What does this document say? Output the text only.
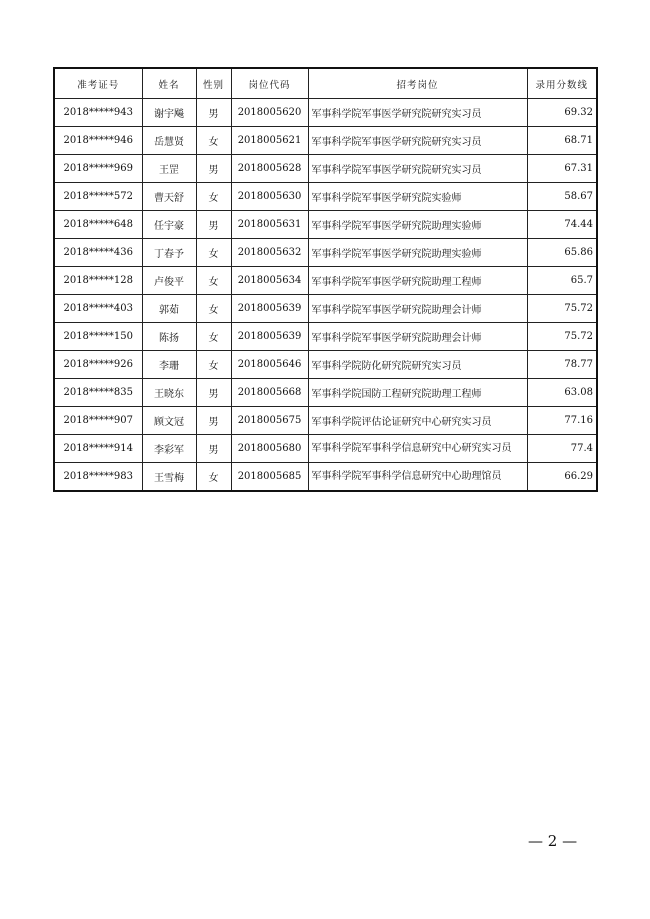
准考证号	姓名	性别	岗位代码	招考岗位	录用分数线
2018*****943	谢宇飚	男	2018005620	军事科学院军事医学研究院研究实习员	69.32
2018*****946	岳慧贤	女	2018005621	军事科学院军事医学研究院研究实习员	68.71
2018*****969	王罡	男	2018005628	军事科学院军事医学研究院研究实习员	67.31
2018*****572	曹天舒	女	2018005630	军事科学院军事医学研究院实验师	58.67
2018*****648	任宇豪	男	2018005631	军事科学院军事医学研究院助理实验师	74.44
2018*****436	丁春予	女	2018005632	军事科学院军事医学研究院助理实验师	65.86
2018*****128	卢俊平	女	2018005634	军事科学院军事医学研究院助理工程师	65.7
2018*****403	郭茹	女	2018005639	军事科学院军事医学研究院助理会计师	75.72
2018*****150	陈扬	女	2018005639	军事科学院军事医学研究院助理会计师	75.72
2018*****926	李珊	女	2018005646	军事科学院防化研究院研究实习员	78.77
2018*****835	王晓东	男	2018005668	军事科学院国防工程研究院助理工程师	63.08
2018*****907	顾文冠	男	2018005675	军事科学院评估论证研究中心研究实习员	77.16
2018*****914	李彩军	男	2018005680	军事科学院军事科学信息研究中心研究实习员	77.4
2018*****983	王雪梅	女	2018005685	军事科学院军事科学信息研究中心助理馆员	66.29
— 2 —
